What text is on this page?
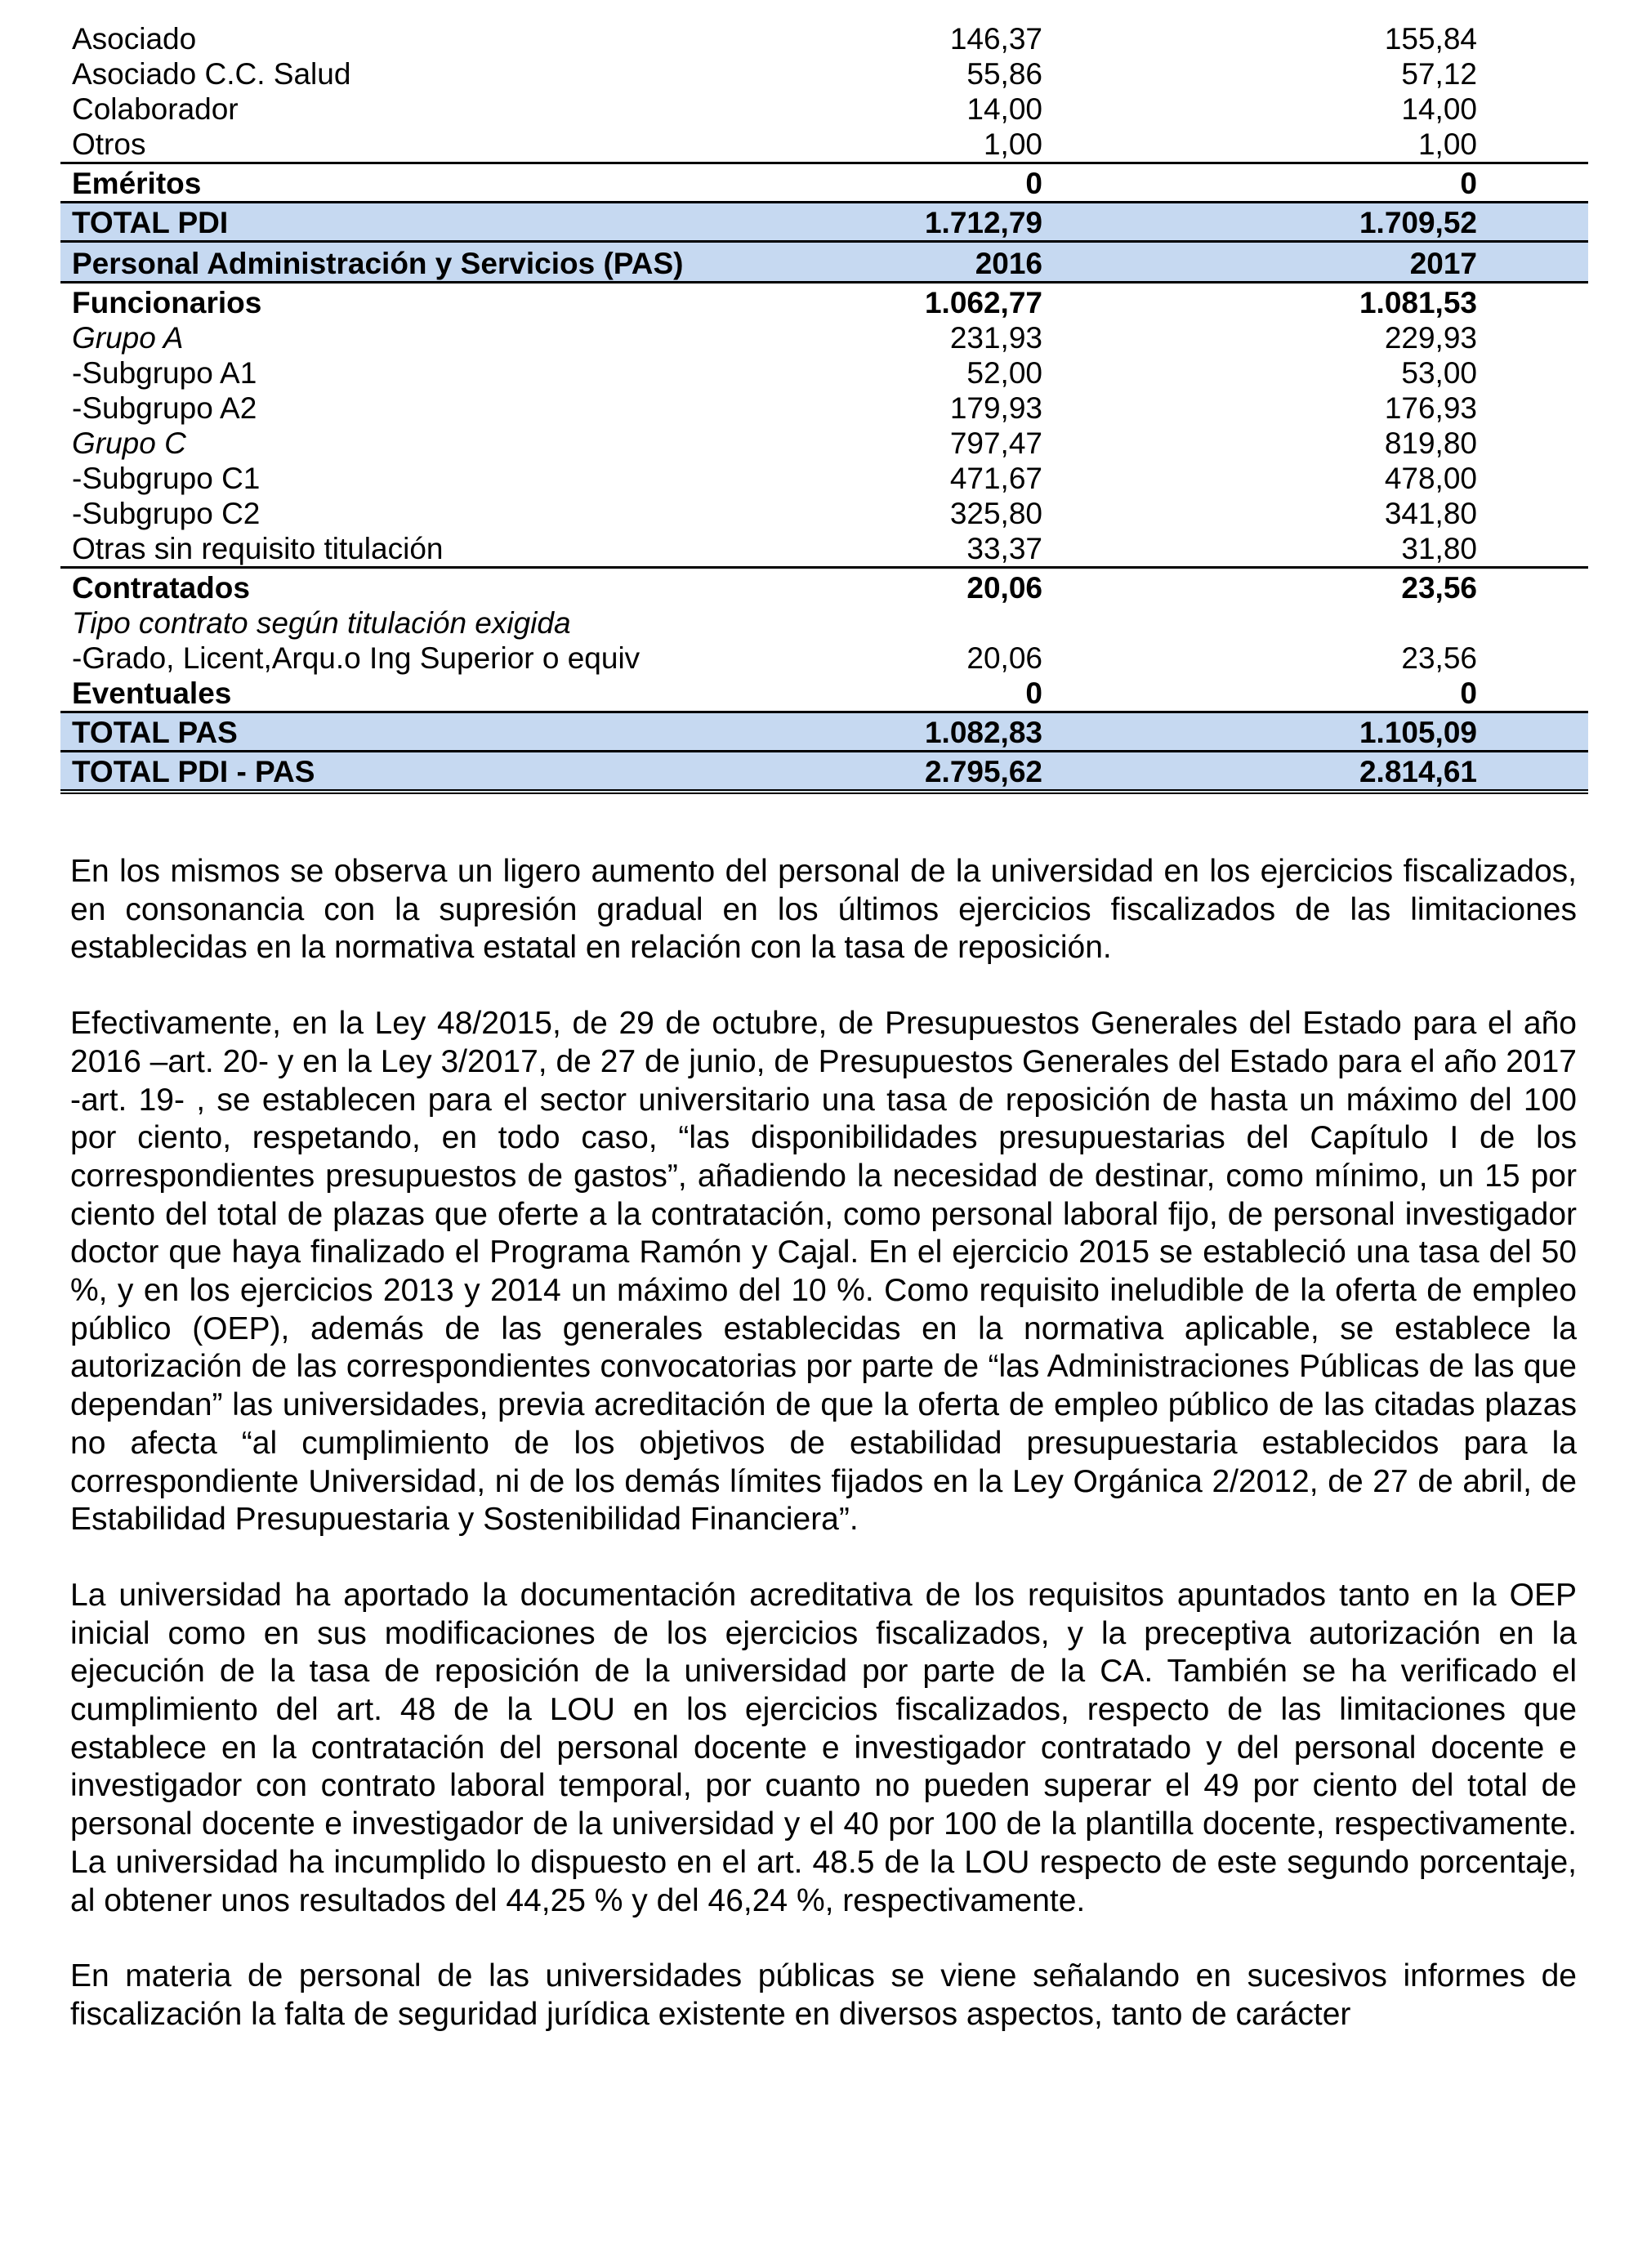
Asociado	146,37	155,84
Asociado C.C. Salud	55,86	57,12
Colaborador	14,00	14,00
Otros	1,00	1,00
Eméritos	0	0
TOTAL PDI	1.712,79	1.709,52
Personal Administración y Servicios (PAS)	2016	2017
Funcionarios	1.062,77	1.081,53
Grupo A	231,93	229,93
-Subgrupo A1	52,00	53,00
-Subgrupo A2	179,93	176,93
Grupo C	797,47	819,80
-Subgrupo C1	471,67	478,00
-Subgrupo C2	325,80	341,80
Otras sin requisito titulación	33,37	31,80
Contratados	20,06	23,56
Tipo contrato según titulación exigida		
-Grado, Licent,Arqu.o Ing Superior o equiv	20,06	23,56
Eventuales	0	0
TOTAL PAS	1.082,83	1.105,09
TOTAL PDI - PAS	2.795,62	2.814,61

En los mismos se observa un ligero aumento del personal de la universidad en los ejercicios fiscalizados, en consonancia con la supresión gradual en los últimos ejercicios fiscalizados de las limitaciones establecidas en la normativa estatal en relación con la tasa de reposición.

Efectivamente, en la Ley 48/2015, de 29 de octubre, de Presupuestos Generales del Estado para el año 2016 –art. 20- y en la Ley 3/2017, de 27 de junio, de Presupuestos Generales del Estado para el año 2017 -art. 19- , se establecen para el sector universitario una tasa de reposición de hasta un máximo del 100 por ciento, respetando, en todo caso, “las disponibilidades presupuestarias del Capítulo I de los correspondientes presupuestos de gastos”, añadiendo la necesidad de destinar, como mínimo, un 15 por ciento del total de plazas que oferte a la contratación, como personal laboral fijo, de personal investigador doctor que haya finalizado el Programa Ramón y Cajal. En el ejercicio 2015 se estableció una tasa del 50 %, y en los ejercicios 2013 y 2014 un máximo del 10 %. Como requisito ineludible de la oferta de empleo público (OEP), además de las generales establecidas en la normativa aplicable, se establece la autorización de las correspondientes convocatorias por parte de “las Administraciones Públicas de las que dependan” las universidades, previa acreditación de que la oferta de empleo público de las citadas plazas no afecta “al cumplimiento de los objetivos de estabilidad presupuestaria establecidos para la correspondiente Universidad, ni de los demás límites fijados en la Ley Orgánica 2/2012, de 27 de abril, de Estabilidad Presupuestaria y Sostenibilidad Financiera”.

La universidad ha aportado la documentación acreditativa de los requisitos apuntados tanto en la OEP inicial como en sus modificaciones de los ejercicios fiscalizados, y la preceptiva autorización en la ejecución de la tasa de reposición de la universidad por parte de la CA. También se ha verificado el cumplimiento del art. 48 de la LOU en los ejercicios fiscalizados, respecto de las limitaciones que establece en la contratación del personal docente e investigador contratado y del personal docente e investigador con contrato laboral temporal, por cuanto no pueden superar el 49 por ciento del total de personal docente e investigador de la universidad y el 40 por 100 de la plantilla docente, respectivamente. La universidad ha incumplido lo dispuesto en el art. 48.5 de la LOU respecto de este segundo porcentaje, al obtener unos resultados del 44,25 % y del 46,24 %, respectivamente.

En materia de personal de las universidades públicas se viene señalando en sucesivos informes de fiscalización la falta de seguridad jurídica existente en diversos aspectos, tanto de carácter
